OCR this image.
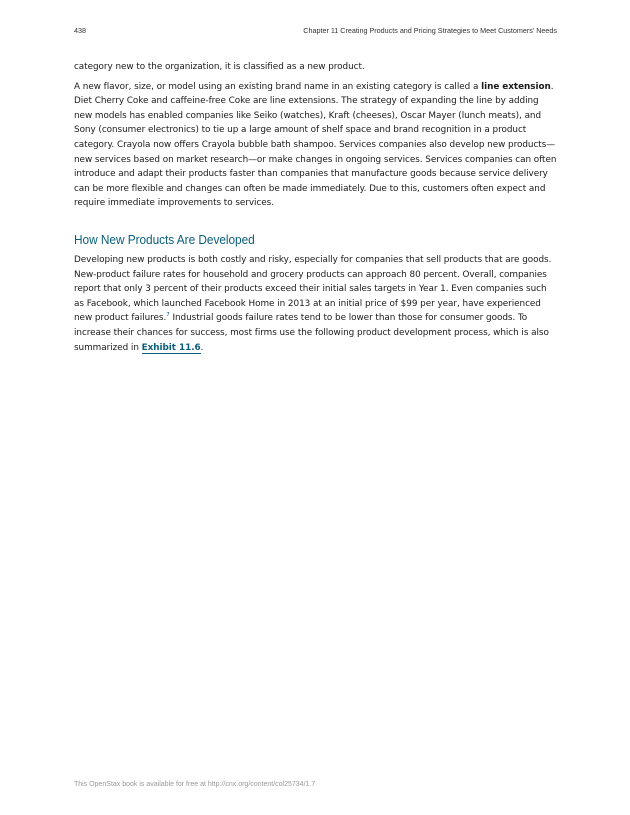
438	Chapter 11 Creating Products and Pricing Strategies to Meet Customers' Needs

category new to the organization, it is classified as a new product.

A new flavor, size, or model using an existing brand name in an existing category is called a line extension. Diet Cherry Coke and caffeine-free Coke are line extensions. The strategy of expanding the line by adding new models has enabled companies like Seiko (watches), Kraft (cheeses), Oscar Mayer (lunch meats), and Sony (consumer electronics) to tie up a large amount of shelf space and brand recognition in a product category. Crayola now offers Crayola bubble bath shampoo. Services companies also develop new products—new services based on market research—or make changes in ongoing services. Services companies can often introduce and adapt their products faster than companies that manufacture goods because service delivery can be more flexible and changes can often be made immediately. Due to this, customers often expect and require immediate improvements to services.

How New Products Are Developed

Developing new products is both costly and risky, especially for companies that sell products that are goods. New-product failure rates for household and grocery products can approach 80 percent. Overall, companies report that only 3 percent of their products exceed their initial sales targets in Year 1. Even companies such as Facebook, which launched Facebook Home in 2013 at an initial price of $99 per year, have experienced new product failures.$^7$ Industrial goods failure rates tend to be lower than those for consumer goods. To increase their chances for success, most firms use the following product development process, which is also summarized in Exhibit 11.6.

This OpenStax book is available for free at http://cnx.org/content/col25734/1.7
